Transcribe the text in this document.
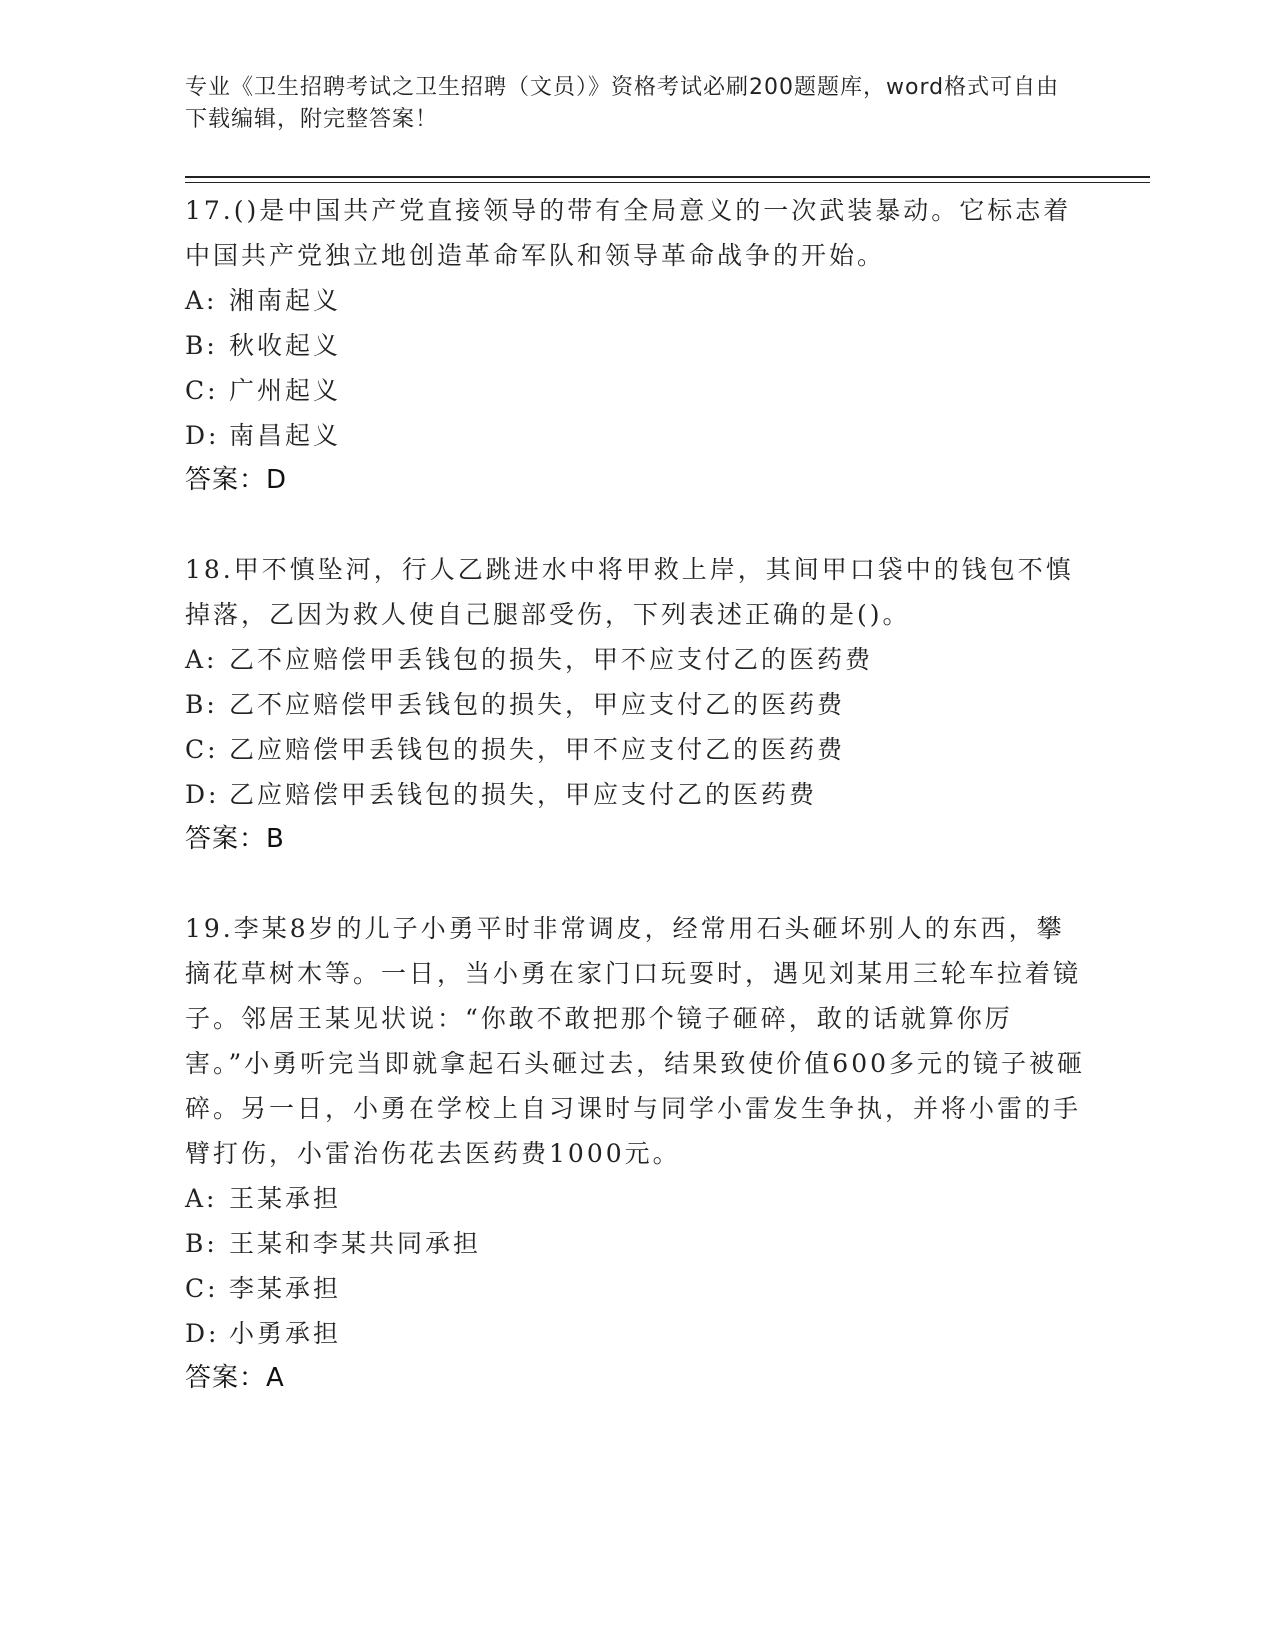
专业《卫生招聘考试之卫生招聘（文员）》资格考试必刷200题题库，word格式可自由下载编辑，附完整答案！
17.()是中国共产党直接领导的带有全局意义的一次武装暴动。它标志着中国共产党独立地创造革命军队和领导革命战争的开始。
A: 湘南起义
B: 秋收起义
C: 广州起义
D: 南昌起义
答案：D
18.甲不慎坠河，行人乙跳进水中将甲救上岸，其间甲口袋中的钱包不慎掉落，乙因为救人使自己腿部受伤，下列表述正确的是()。
A: 乙不应赔偿甲丢钱包的损失，甲不应支付乙的医药费
B: 乙不应赔偿甲丢钱包的损失，甲应支付乙的医药费
C: 乙应赔偿甲丢钱包的损失，甲不应支付乙的医药费
D: 乙应赔偿甲丢钱包的损失，甲应支付乙的医药费
答案：B
19.李某8岁的儿子小勇平时非常调皮，经常用石头砸坏别人的东西，攀摘花草树木等。一日，当小勇在家门口玩耍时，遇见刘某用三轮车拉着镜子。邻居王某见状说：“你敢不敢把那个镜子砸碎，敢的话就算你厉害。”小勇听完当即就拿起石头砸过去，结果致使价值600多元的镜子被砸碎。另一日，小勇在学校上自习课时与同学小雷发生争执，并将小雷的手臂打伤，小雷治伤花去医药费1000元。
A: 王某承担
B: 王某和李某共同承担
C: 李某承担
D: 小勇承担
答案：A
